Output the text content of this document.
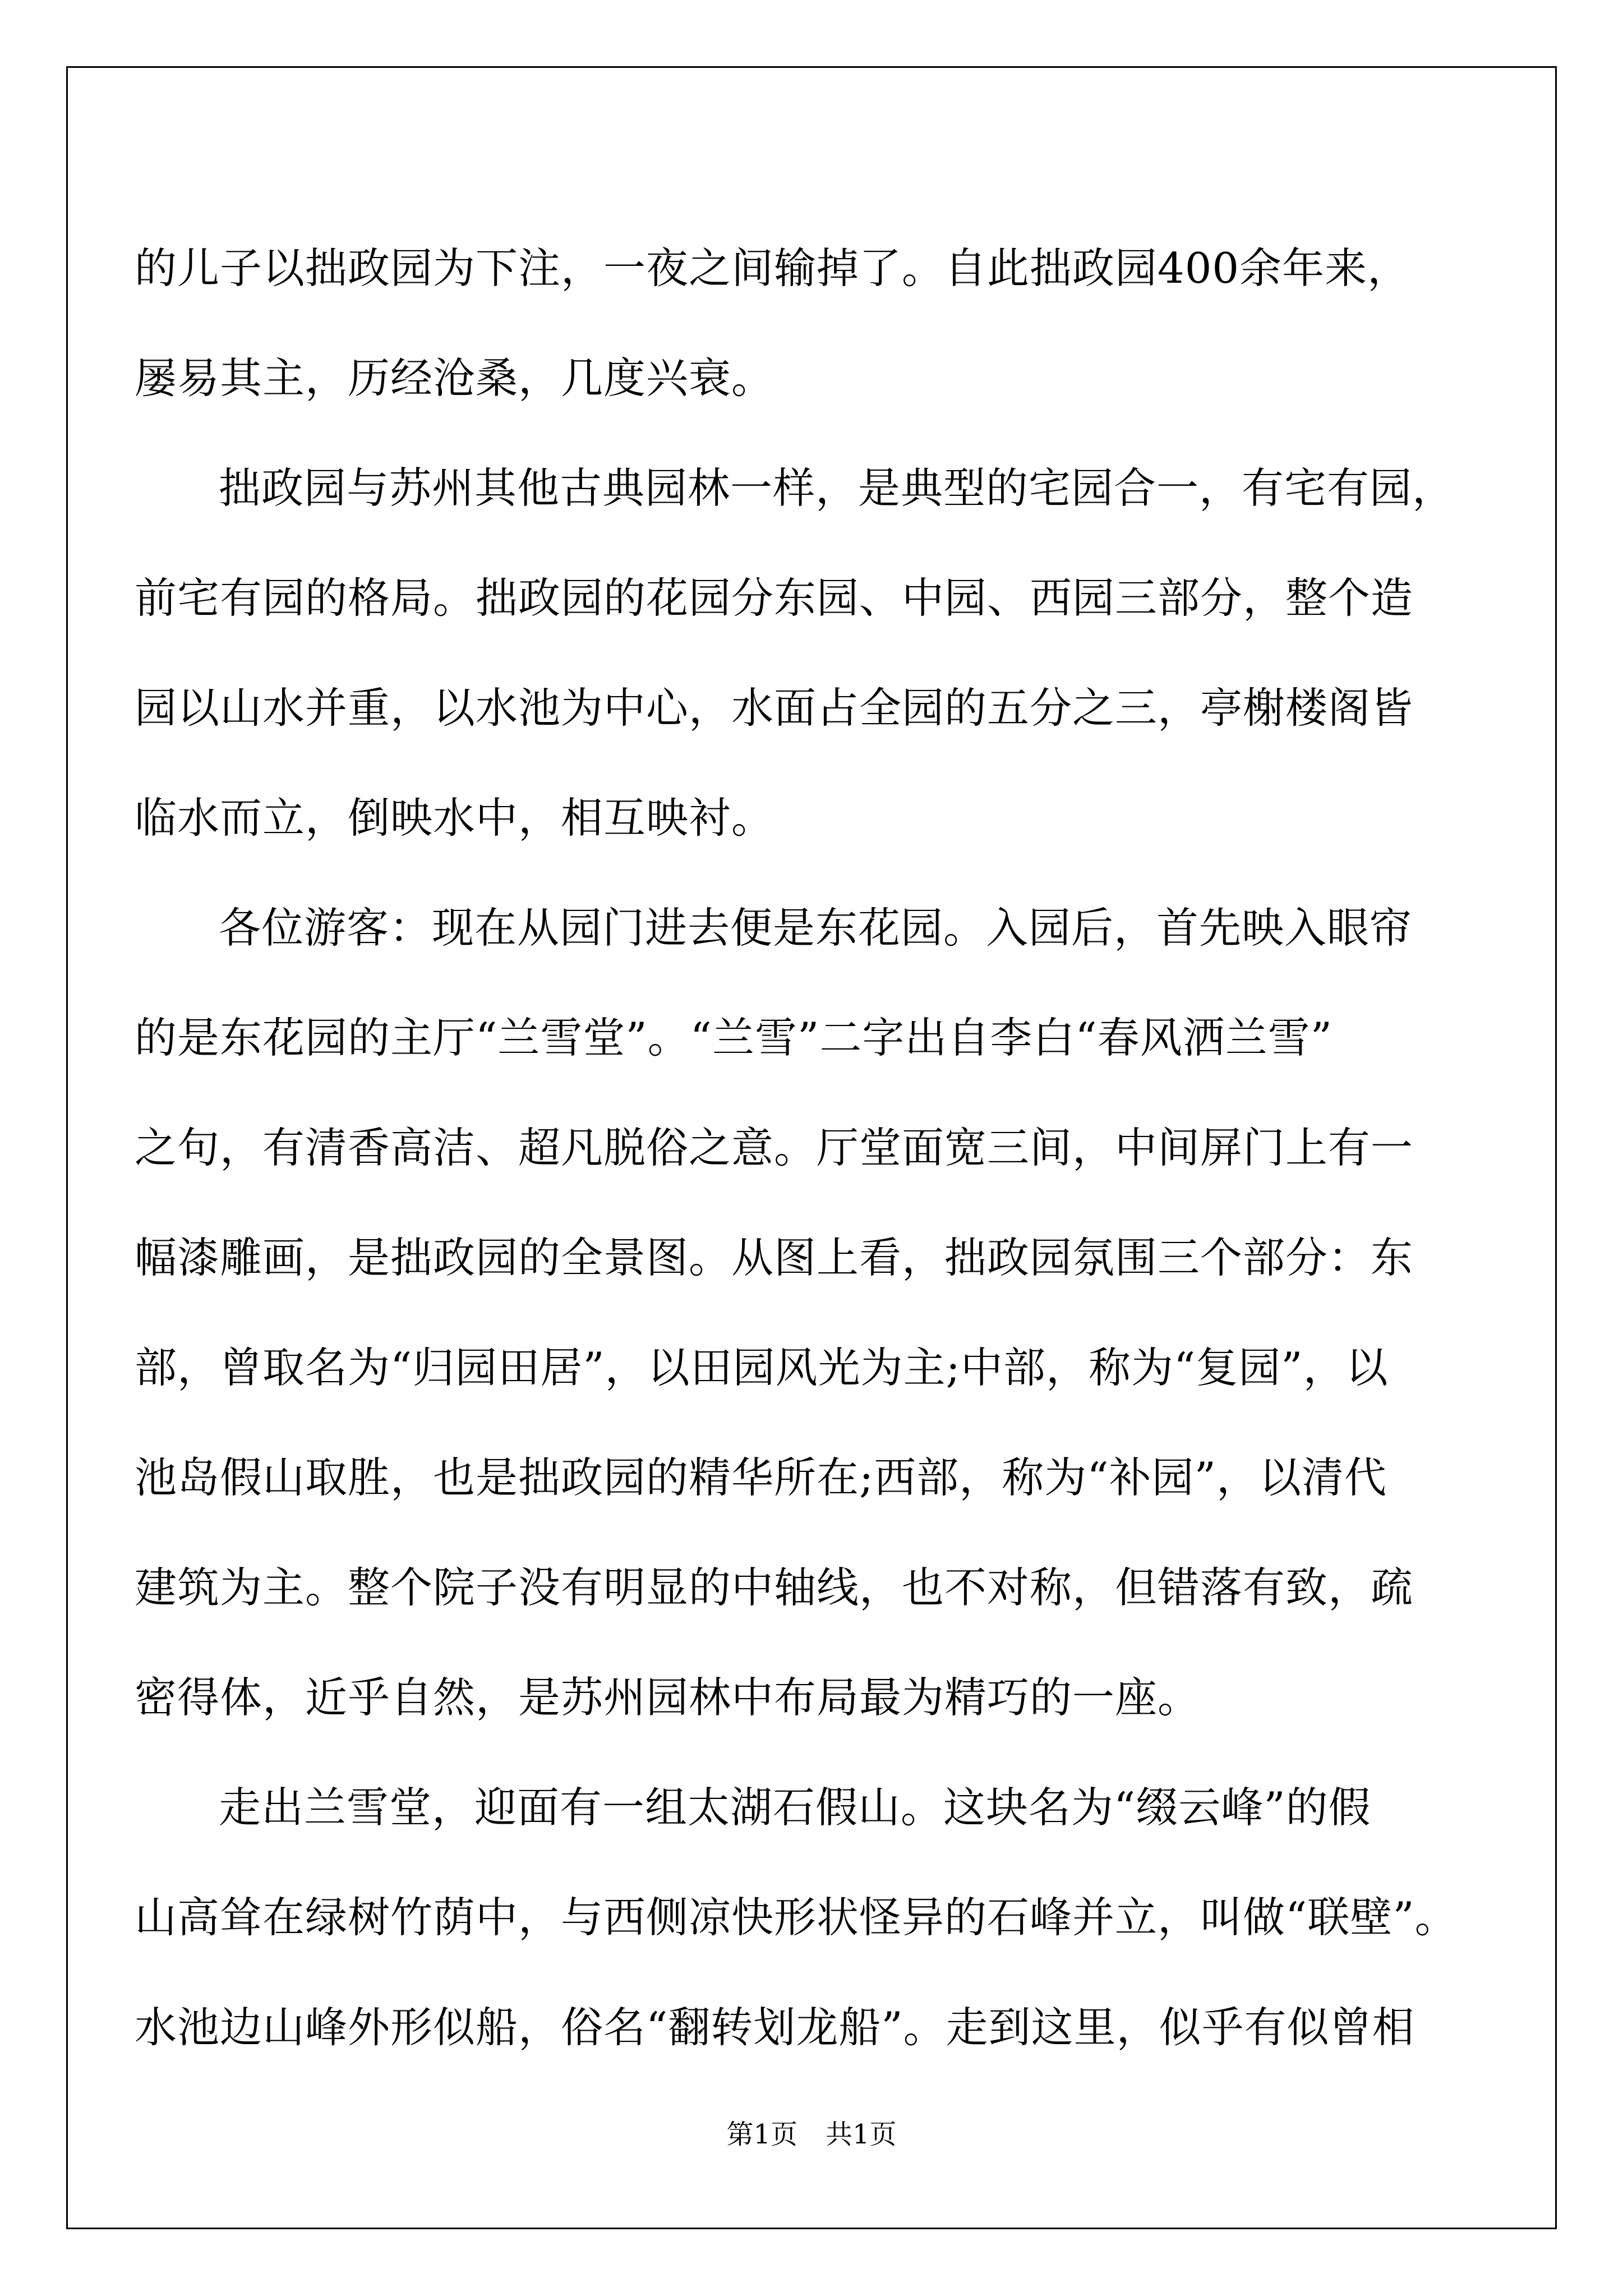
的儿子以拙政园为下注，一夜之间输掉了。自此拙政园400余年来，
屡易其主，历经沧桑，几度兴衰。

拙政园与苏州其他古典园林一样，是典型的宅园合一，有宅有园，
前宅有园的格局。拙政园的花园分东园、中园、西园三部分，整个造
园以山水并重，以水池为中心，水面占全园的五分之三，亭榭楼阁皆
临水而立，倒映水中，相互映衬。

各位游客：现在从园门进去便是东花园。入园后，首先映入眼帘
的是东花园的主厅“兰雪堂”。“兰雪”二字出自李白“春风洒兰雪”
之句，有清香高洁、超凡脱俗之意。厅堂面宽三间，中间屏门上有一
幅漆雕画，是拙政园的全景图。从图上看，拙政园氛围三个部分：东
部，曾取名为“归园田居”，以田园风光为主;中部，称为“复园”，以
池岛假山取胜，也是拙政园的精华所在;西部，称为“补园”，以清代
建筑为主。整个院子没有明显的中轴线，也不对称，但错落有致，疏
密得体，近乎自然，是苏州园林中布局最为精巧的一座。

走出兰雪堂，迎面有一组太湖石假山。这块名为“缀云峰”的假
山高耸在绿树竹荫中，与西侧凉快形状怪异的石峰并立，叫做“联壁”。
水池边山峰外形似船，俗名“翻转划龙船”。走到这里，似乎有似曾相

第1页 共1页
